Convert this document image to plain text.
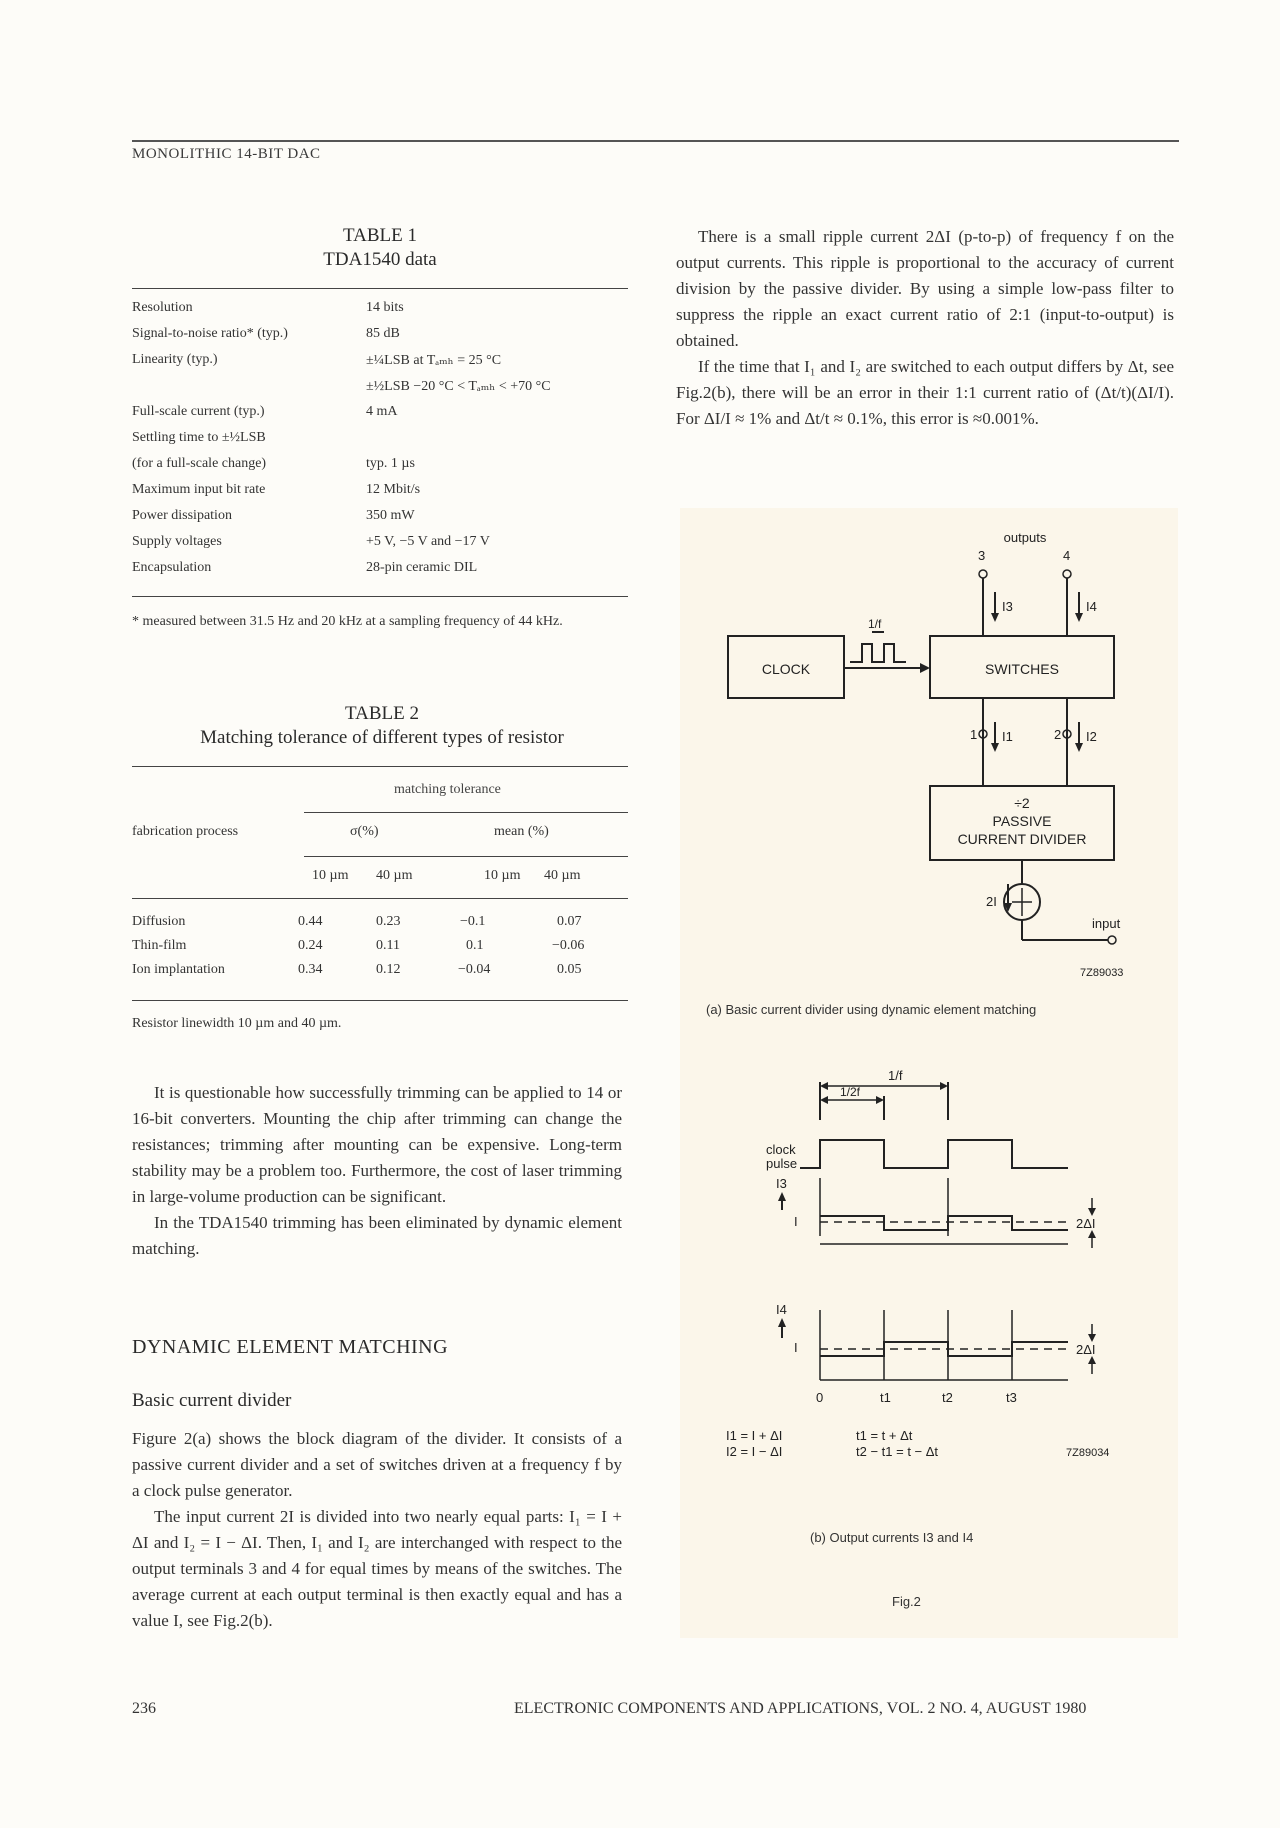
MONOLITHIC 14-BIT DAC
TABLE 1
TDA1540 data
Resolution	14 bits
Signal-to-noise ratio* (typ.)	85 dB
Linearity (typ.)	±¼LSB at Tₐₘₕ = 25 °C
±½LSB −20 °C < Tₐₘₕ < +70 °C
Full-scale current (typ.)	4 mA
Settling time to ±½LSB
(for a full-scale change)	typ. 1 µs
Maximum input bit rate	12 Mbit/s
Power dissipation	350 mW
Supply voltages	+5 V, −5 V and −17 V
Encapsulation	28-pin ceramic DIL
* measured between 31.5 Hz and 20 kHz at a sampling frequency of 44 kHz.
TABLE 2
Matching tolerance of different types of resistor
matching tolerance
fabrication process	σ(%)	mean (%)
10 µm 40 µm	10 µm 40 µm
Diffusion	0.44	0.23	−0.1	0.07
Thin-film	0.24	0.11	0.1	−0.06
Ion implantation	0.34	0.12	−0.04	0.05
Resistor linewidth 10 µm and 40 µm.

It is questionable how successfully trimming can be applied to 14 or 16-bit converters. Mounting the chip after trimming can change the resistances; trimming after mounting can be expensive. Long-term stability may be a problem too. Furthermore, the cost of laser trimming in large-volume production can be significant.

In the TDA1540 trimming has been eliminated by dynamic element matching.

DYNAMIC ELEMENT MATCHING
Basic current divider

Figure 2(a) shows the block diagram of the divider. It consists of a passive current divider and a set of switches driven at a frequency f by a clock pulse generator.

The input current 2I is divided into two nearly equal parts: I₁ = I + ΔI and I₂ = I − ΔI. Then, I₁ and I₂ are interchanged with respect to the output terminals 3 and 4 for equal times by means of the switches. The average current at each output terminal is then exactly equal and has a value I, see Fig.2(b).

There is a small ripple current 2ΔI (p-to-p) of frequency f on the output currents. This ripple is proportional to the accuracy of current division by the passive divider. By using a simple low-pass filter to suppress the ripple an exact current ratio of 2:1 (input-to-output) is obtained.

If the time that I₁ and I₂ are switched to each output differs by Δt, see Fig.2(b), there will be an error in their 1:1 current ratio of (Δt/t)(ΔI/I). For ΔI/I ≈ 1% and Δt/t ≈ 0.1%, this error is ≈0.001%.

CLOCK	SWITCHES
÷2
PASSIVE
CURRENT DIVIDER
outputs
3	4
1	2
I3	I4
I1	I2
1/f
2I
input
7Z89033
(a) Basic current divider using dynamic element matching
1/f
1/2f
clock
pulse
I3
I	2ΔI
I4
I	2ΔI
0	t1	t2	t3
I1 = I + ΔI
I2 = I − ΔI
t1 = t + Δt
t2 − t1 = t − Δt	7Z89034
(b) Output currents I3 and I4
Fig.2
236	ELECTRONIC COMPONENTS AND APPLICATIONS, VOL. 2 NO. 4, AUGUST 1980
